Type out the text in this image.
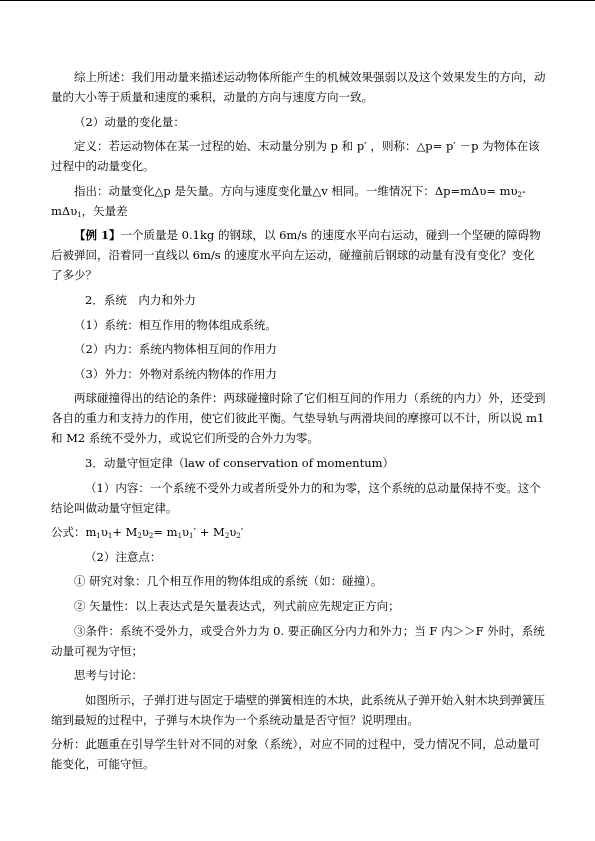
综上所述：我们用动量来描述运动物体所能产生的机械效果强弱以及这个效果发生的方向，动量的大小等于质量和速度的乘积，动量的方向与速度方向一致。

（2）动量的变化量：

定义：若运动物体在某一过程的始、末动量分别为 p 和 p′ ，则称：△p= p′ －p 为物体在该过程中的动量变化。

指出：动量变化△p 是矢量。方向与速度变化量△v 相同。一维情况下：$\Delta p=m\Delta\upsilon= m\upsilon_2-$ mΔυ$_1$，矢量差

【例 1】一个质量是 0.1kg 的钢球，以 6m/s 的速度水平向右运动，碰到一个坚硬的障碍物后被弹回，沿着同一直线以 6m/s 的速度水平向左运动，碰撞前后钢球的动量有没有变化？变化了多少？

2．系统　内力和外力

（1）系统：相互作用的物体组成系统。

（2）内力：系统内物体相互间的作用力

（3）外力：外物对系统内物体的作用力

两球碰撞得出的结论的条件：两球碰撞时除了它们相互间的作用力（系统的内力）外，还受到各自的重力和支持力的作用，使它们彼此平衡。气垫导轨与两滑块间的摩擦可以不计，所以说 m1 和 M2 系统不受外力，或说它们所受的合外力为零。

3．动量守恒定律（law of conservation of momentum）

（1）内容：一个系统不受外力或者所受外力的和为零，这个系统的总动量保持不变。这个结论叫做动量守恒定律。

公式：$m_1\upsilon_1+ M_2\upsilon_2= m_1\upsilon_1' + M_2\upsilon_2'$

（2）注意点：

① 研究对象：几个相互作用的物体组成的系统（如：碰撞）。

② 矢量性：以上表达式是矢量表达式，列式前应先规定正方向；

③条件：系统不受外力，或受合外力为 0. 要正确区分内力和外力；当 F 内＞＞F 外时，系统动量可视为守恒；

思考与讨论：

如图所示，子弹打进与固定于墙壁的弹簧相连的木块，此系统从子弹开始入射木块到弹簧压缩到最短的过程中，子弹与木块作为一个系统动量是否守恒？说明理由。

分析：此题重在引导学生针对不同的对象（系统），对应不同的过程中，受力情况不同，总动量可能变化，可能守恒。
